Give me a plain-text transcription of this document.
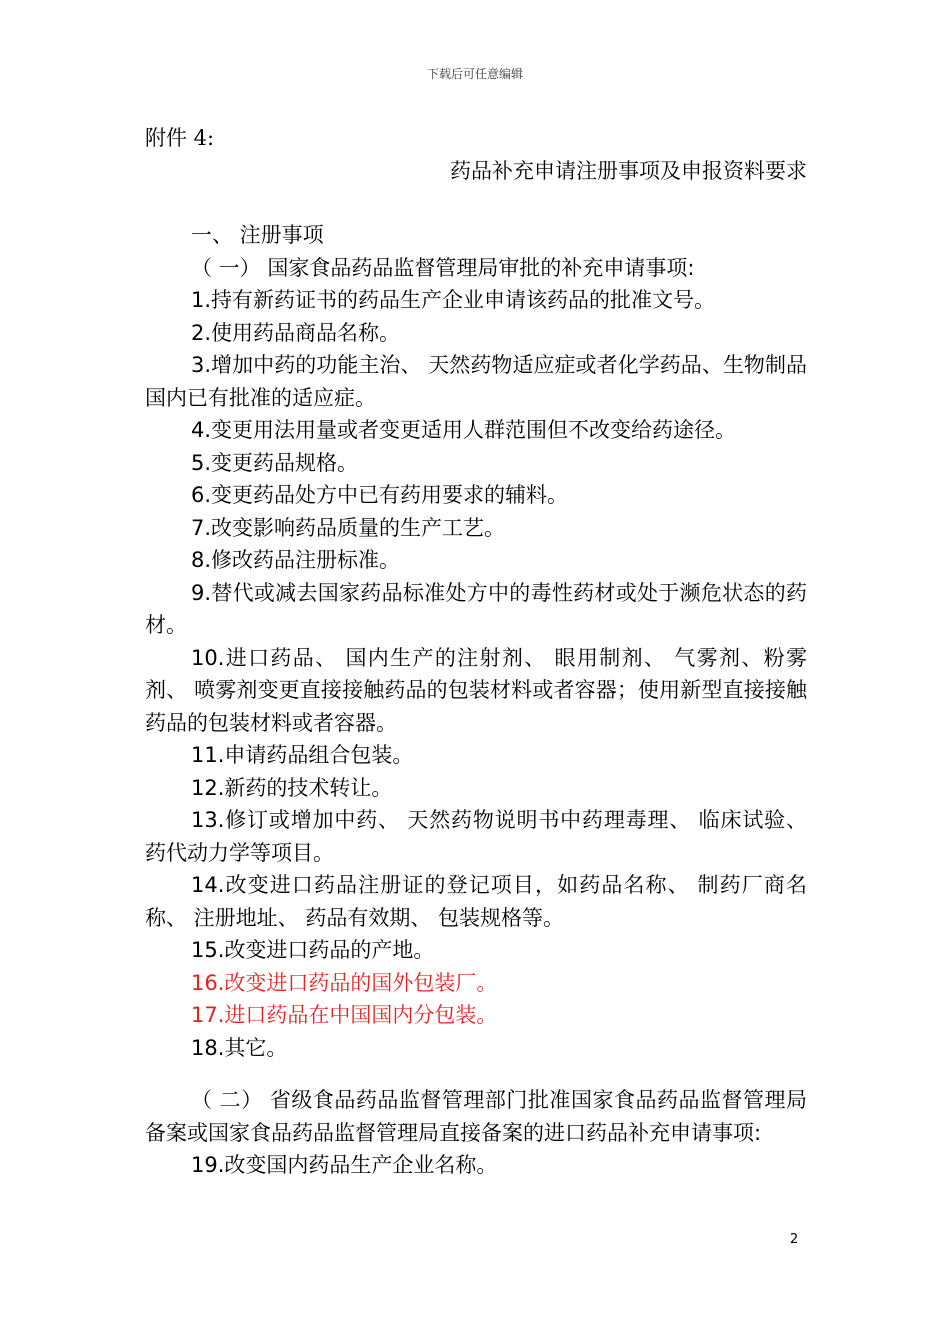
下载后可任意编辑

附件 4:

药品补充申请注册事项及申报资料要求

一、 注册事项

（ 一） 国家食品药品监督管理局审批的补充申请事项:

1.持有新药证书的药品生产企业申请该药品的批准文号。

2.使用药品商品名称。

3.增加中药的功能主治、 天然药物适应症或者化学药品、生物制品国内已有批准的适应症。

4.变更用法用量或者变更适用人群范围但不改变给药途径。

5.变更药品规格。

6.变更药品处方中已有药用要求的辅料。

7.改变影响药品质量的生产工艺。

8.修改药品注册标准。

9.替代或减去国家药品标准处方中的毒性药材或处于濒危状态的药材。

10.进口药品、 国内生产的注射剂、 眼用制剂、 气雾剂、粉雾剂、 喷雾剂变更直接接触药品的包装材料或者容器；使用新型直接接触药品的包装材料或者容器。

11.申请药品组合包装。

12.新药的技术转让。

13.修订或增加中药、 天然药物说明书中药理毒理、 临床试验、 药代动力学等项目。

14.改变进口药品注册证的登记项目，如药品名称、 制药厂商名称、 注册地址、 药品有效期、 包装规格等。

15.改变进口药品的产地。

16.改变进口药品的国外包装厂。

17.进口药品在中国国内分包装。

18.其它。

（ 二） 省级食品药品监督管理部门批准国家食品药品监督管理局备案或国家食品药品监督管理局直接备案的进口药品补充申请事项:

19.改变国内药品生产企业名称。

2
